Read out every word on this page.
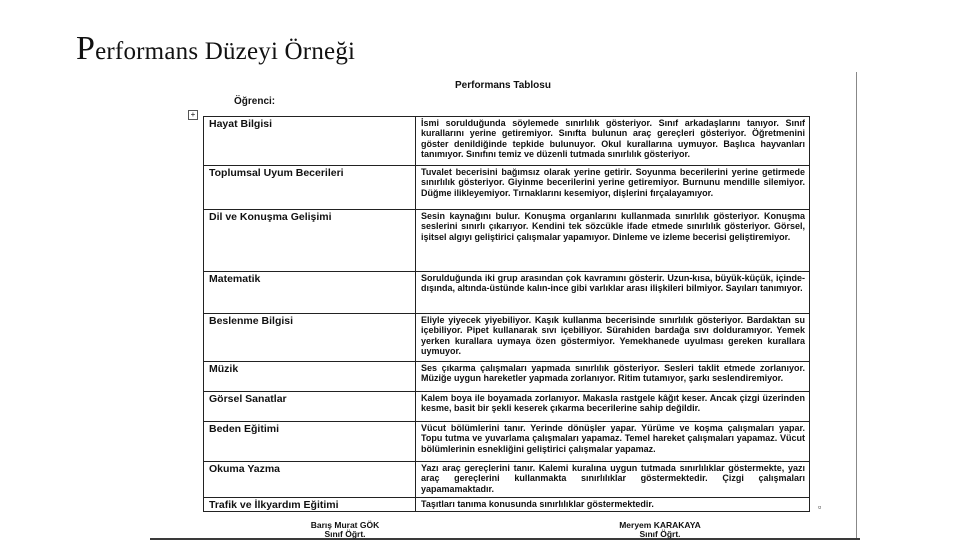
Performans Düzeyi Örneği
Performans Tablosu
Öğrenci:
+
Hayat Bilgisi	İsmi sorulduğunda söylemede sınırlılık gösteriyor. Sınıf arkadaşlarını tanıyor. Sınıf kurallarını yerine getiremiyor. Sınıfta bulunun araç gereçleri gösteriyor. Öğretmenini göster denildiğinde tepkide bulunuyor. Okul kurallarına uymuyor. Başlıca hayvanları tanımıyor. Sınıfını temiz ve düzenli tutmada sınırlılık gösteriyor.
Toplumsal Uyum Becerileri	Tuvalet becerisini bağımsız olarak yerine getirir. Soyunma becerilerini yerine getirmede sınırlılık gösteriyor. Giyinme becerilerini yerine getiremiyor. Burnunu mendille silemiyor. Düğme ilikleyemiyor. Tırnaklarını kesemiyor, dişlerini fırçalayamıyor.
Dil ve Konuşma Gelişimi	Sesin kaynağını bulur. Konuşma organlarını kullanmada sınırlılık gösteriyor. Konuşma seslerini sınırlı çıkarıyor. Kendini tek sözcükle ifade etmede sınırlılık gösteriyor. Görsel, işitsel algıyı geliştirici çalışmalar yapamıyor. Dinleme ve izleme becerisi geliştiremiyor.
Matematik	Sorulduğunda iki grup arasından çok kavramını gösterir. Uzun-kısa, büyük-küçük, içinde- dışında, altında-üstünde kalın-ince gibi varlıklar arası ilişkileri bilmiyor. Sayıları tanımıyor.
Beslenme Bilgisi	Eliyle yiyecek yiyebiliyor. Kaşık kullanma becerisinde sınırlılık gösteriyor. Bardaktan su içebiliyor. Pipet kullanarak sıvı içebiliyor. Sürahiden bardağa sıvı dolduramıyor. Yemek yerken kurallara uymaya özen göstermiyor. Yemekhanede uyulması gereken kurallara uymuyor.
Müzik	Ses çıkarma çalışmaları yapmada sınırlılık gösteriyor. Sesleri taklit etmede zorlanıyor. Müziğe uygun hareketler yapmada zorlanıyor. Ritim tutamıyor, şarkı seslendiremiyor.
Görsel Sanatlar	Kalem boya ile boyamada zorlanıyor. Makasla rastgele kâğıt keser. Ancak çizgi üzerinden kesme, basit bir şekli keserek çıkarma becerilerine sahip değildir.
Beden Eğitimi	Vücut bölümlerini tanır. Yerinde dönüşler yapar. Yürüme ve koşma çalışmaları yapar. Topu tutma ve yuvarlama çalışmaları yapamaz. Temel hareket çalışmaları yapamaz. Vücut bölümlerinin esnekliğini geliştirici çalışmalar yapamaz.
Okuma Yazma	Yazı araç gereçlerini tanır. Kalemi kuralına uygun tutmada sınırlılıklar göstermekte, yazı araç gereçlerini kullanmakta sınırlılıklar göstermektedir. Çizgi çalışmaları yapamamaktadır.
Trafik ve İlkyardım Eğitimi	Taşıtları tanıma konusunda sınırlılıklar göstermektedir.	▫
Barış Murat GÖK
Sınıf Öğrt.
Meryem KARAKAYA
Sınıf Öğrt.
